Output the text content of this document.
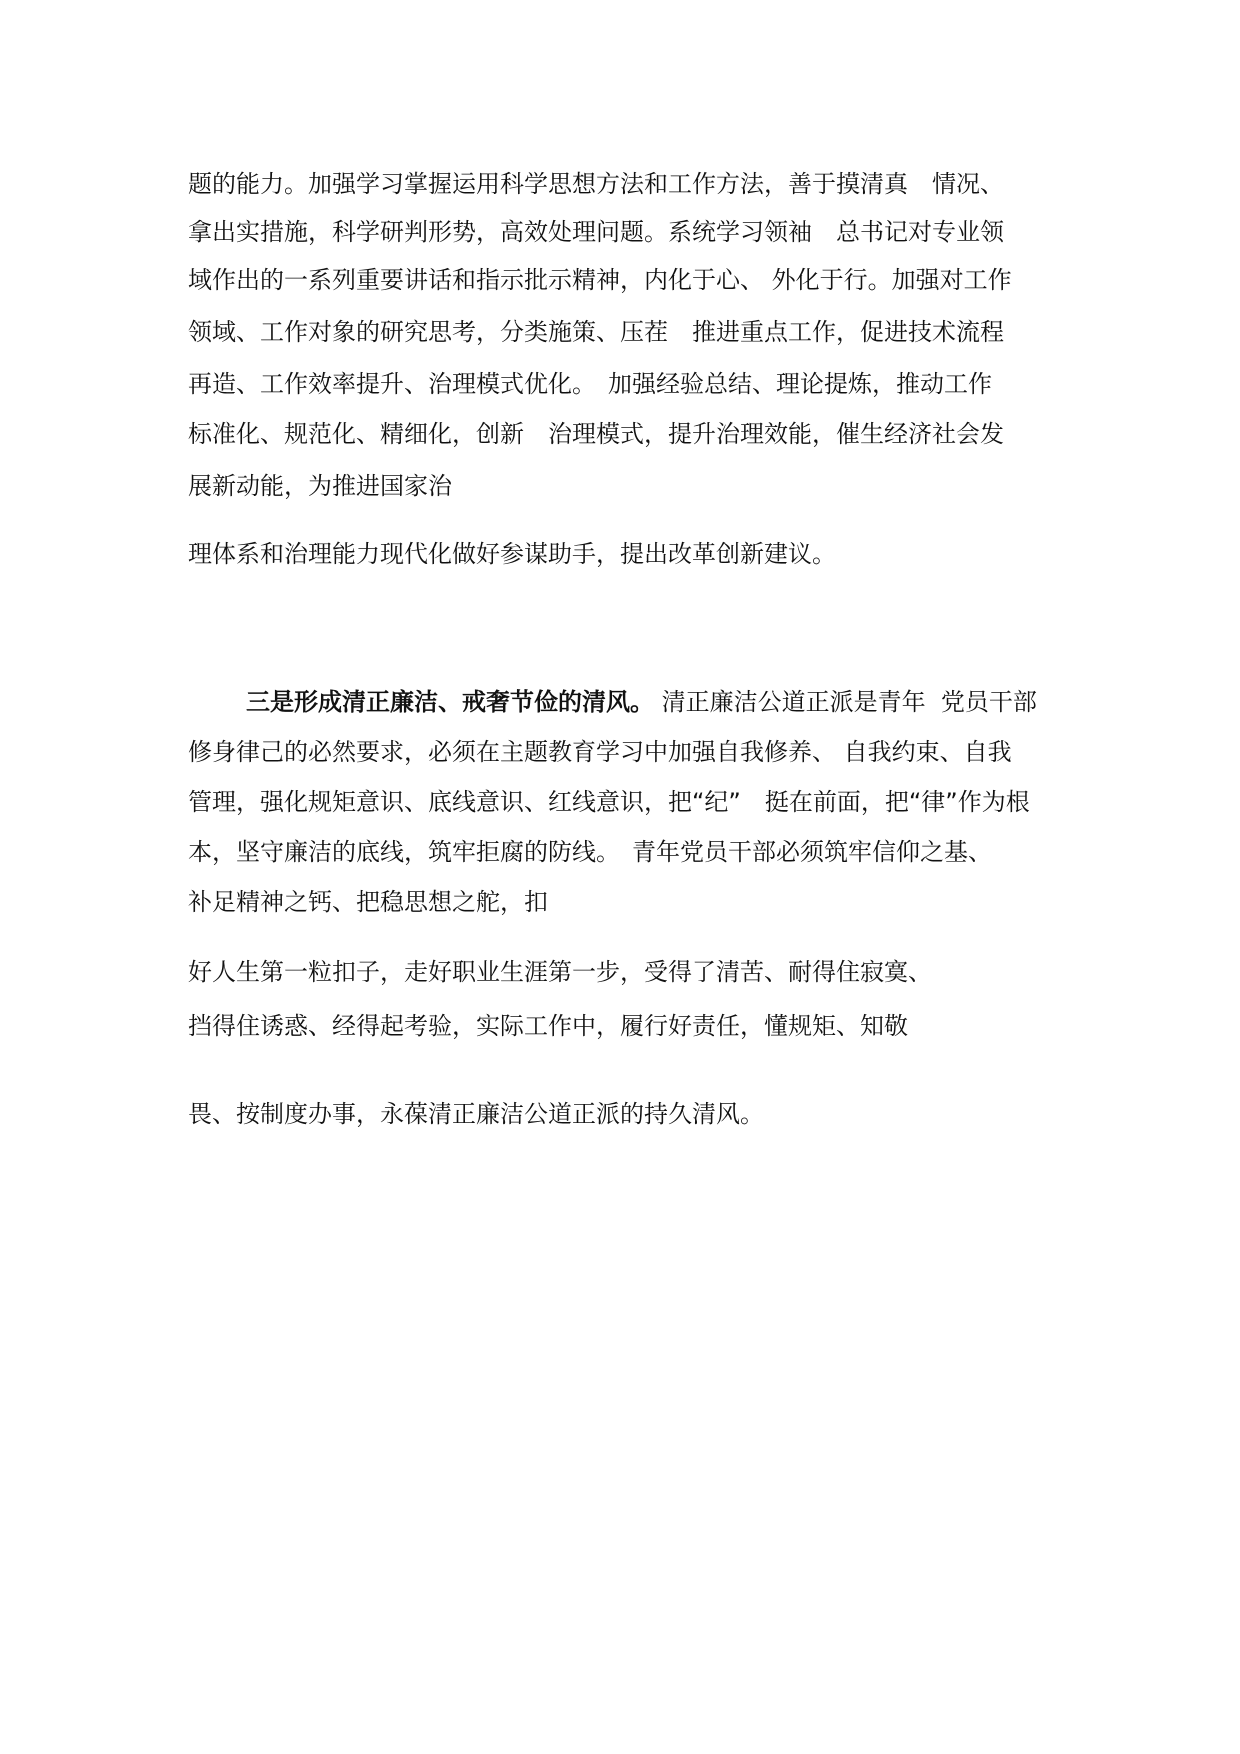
题的能力。加强学习掌握运用科学思想方法和工作方法，善于摸清真　情况、

拿出实措施，科学研判形势，高效处理问题。系统学习领袖　总书记对专业领

域作出的一系列重要讲话和指示批示精神，内化于心、 外化于行。加强对工作

领域、工作对象的研究思考，分类施策、压茬　推进重点工作，促进技术流程

再造、工作效率提升、治理模式优化。　加强经验总结、理论提炼，推动工作

标准化、规范化、精细化，创新　治理模式，提升治理效能，催生经济社会发

展新动能，为推进国家治

理体系和治理能力现代化做好参谋助手，提出改革创新建议。

三是形成清正廉洁、戒奢节俭的清风。 清正廉洁公道正派是青年  党员干部

修身律己的必然要求，必须在主题教育学习中加强自我修养、 自我约束、自我

管理，强化规矩意识、底线意识、红线意识，把“纪”　挺在前面，把“律”作为根

本，坚守廉洁的底线，筑牢拒腐的防线。　青年党员干部必须筑牢信仰之基、

补足精神之钙、把稳思想之舵，扣

好人生第一粒扣子，走好职业生涯第一步，受得了清苦、耐得住寂寞、

挡得住诱惑、经得起考验，实际工作中，履行好责任，懂规矩、知敬

畏、按制度办事，永葆清正廉洁公道正派的持久清风。
